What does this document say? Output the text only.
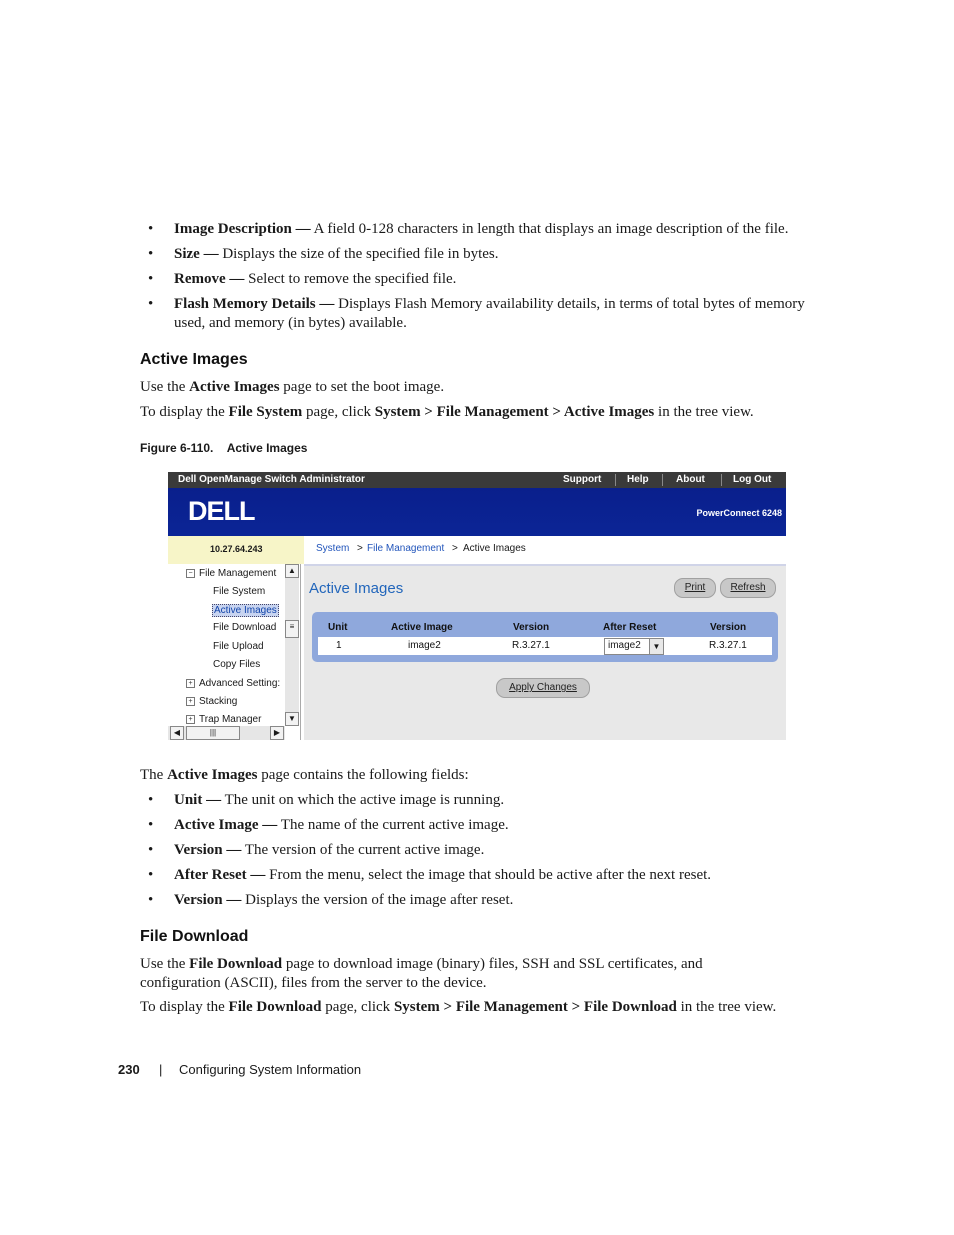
• Image Description — A field 0-128 characters in length that displays an image description of the file.
• Size — Displays the size of the specified file in bytes.
• Remove — Select to remove the specified file.
• Flash Memory Details — Displays Flash Memory availability details, in terms of total bytes of memory used, and memory (in bytes) available.
Active Images
Use the Active Images page to set the boot image.
To display the File System page, click System > File Management > Active Images in the tree view.
Figure 6-110. Active Images
Dell OpenManage Switch Administrator	Support	Help	About	Log Out
DELL	PowerConnect 6248
10.27.64.243	System > File Management > Active Images
− File Management
File System
Active Images
File Download
File Upload
Copy Files
+ Advanced Setting:
+ Stacking
+ Trap Manager
▲
≡
▼
◀	|||	▶
Active Images	Print	Refresh
Unit	Active Image	Version	After Reset	Version
1	image2	R.3.27.1	image2	▼	R.3.27.1
Apply Changes
The Active Images page contains the following fields:
• Unit — The unit on which the active image is running.
• Active Image — The name of the current active image.
• Version — The version of the current active image.
• After Reset — From the menu, select the image that should be active after the next reset.
• Version — Displays the version of the image after reset.
File Download
Use the File Download page to download image (binary) files, SSH and SSL certificates, and configuration (ASCII), files from the server to the device.
To display the File Download page, click System > File Management > File Download in the tree view.
230 | Configuring System Information
